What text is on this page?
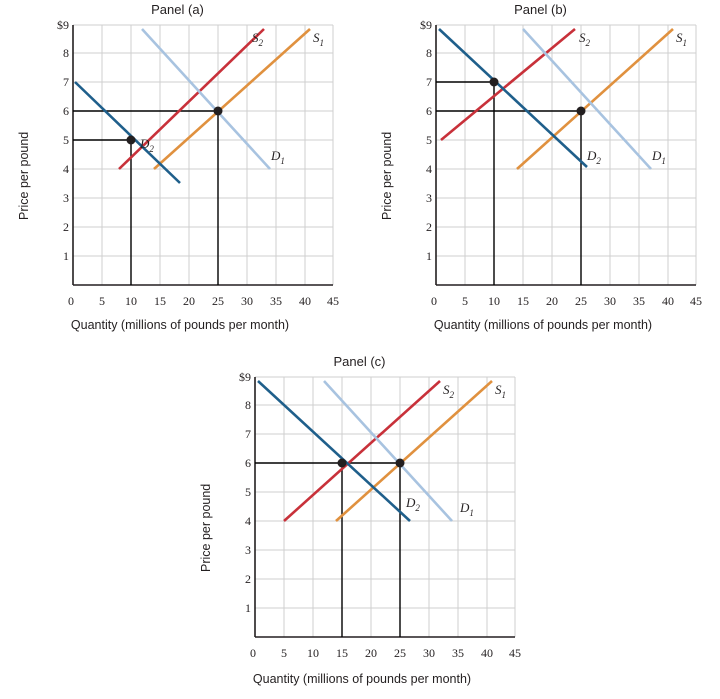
Panel (a)
Price per pound
$9
8
7
6
5
4
3
2
1
0 5 10 15 20 25 30 35 40 45
$S_2$	$S_1$
$D_1$
$D_2$
Quantity (millions of pounds per month)
Panel (b)
Price per pound
$9
8
7
6
5
4
3
2
1
0 5 10 15 20 25 30 35 40 45
$S_2$	$S_1$
$D_1$
$D_2$
Quantity (millions of pounds per month)
Panel (c)
Price per pound
$9
8
7
6
5
4
3
2
1
0 5 10 15 20 25 30 35 40 45
$S_2$	$S_1$
$D_1$
$D_2$
Quantity (millions of pounds per month)
